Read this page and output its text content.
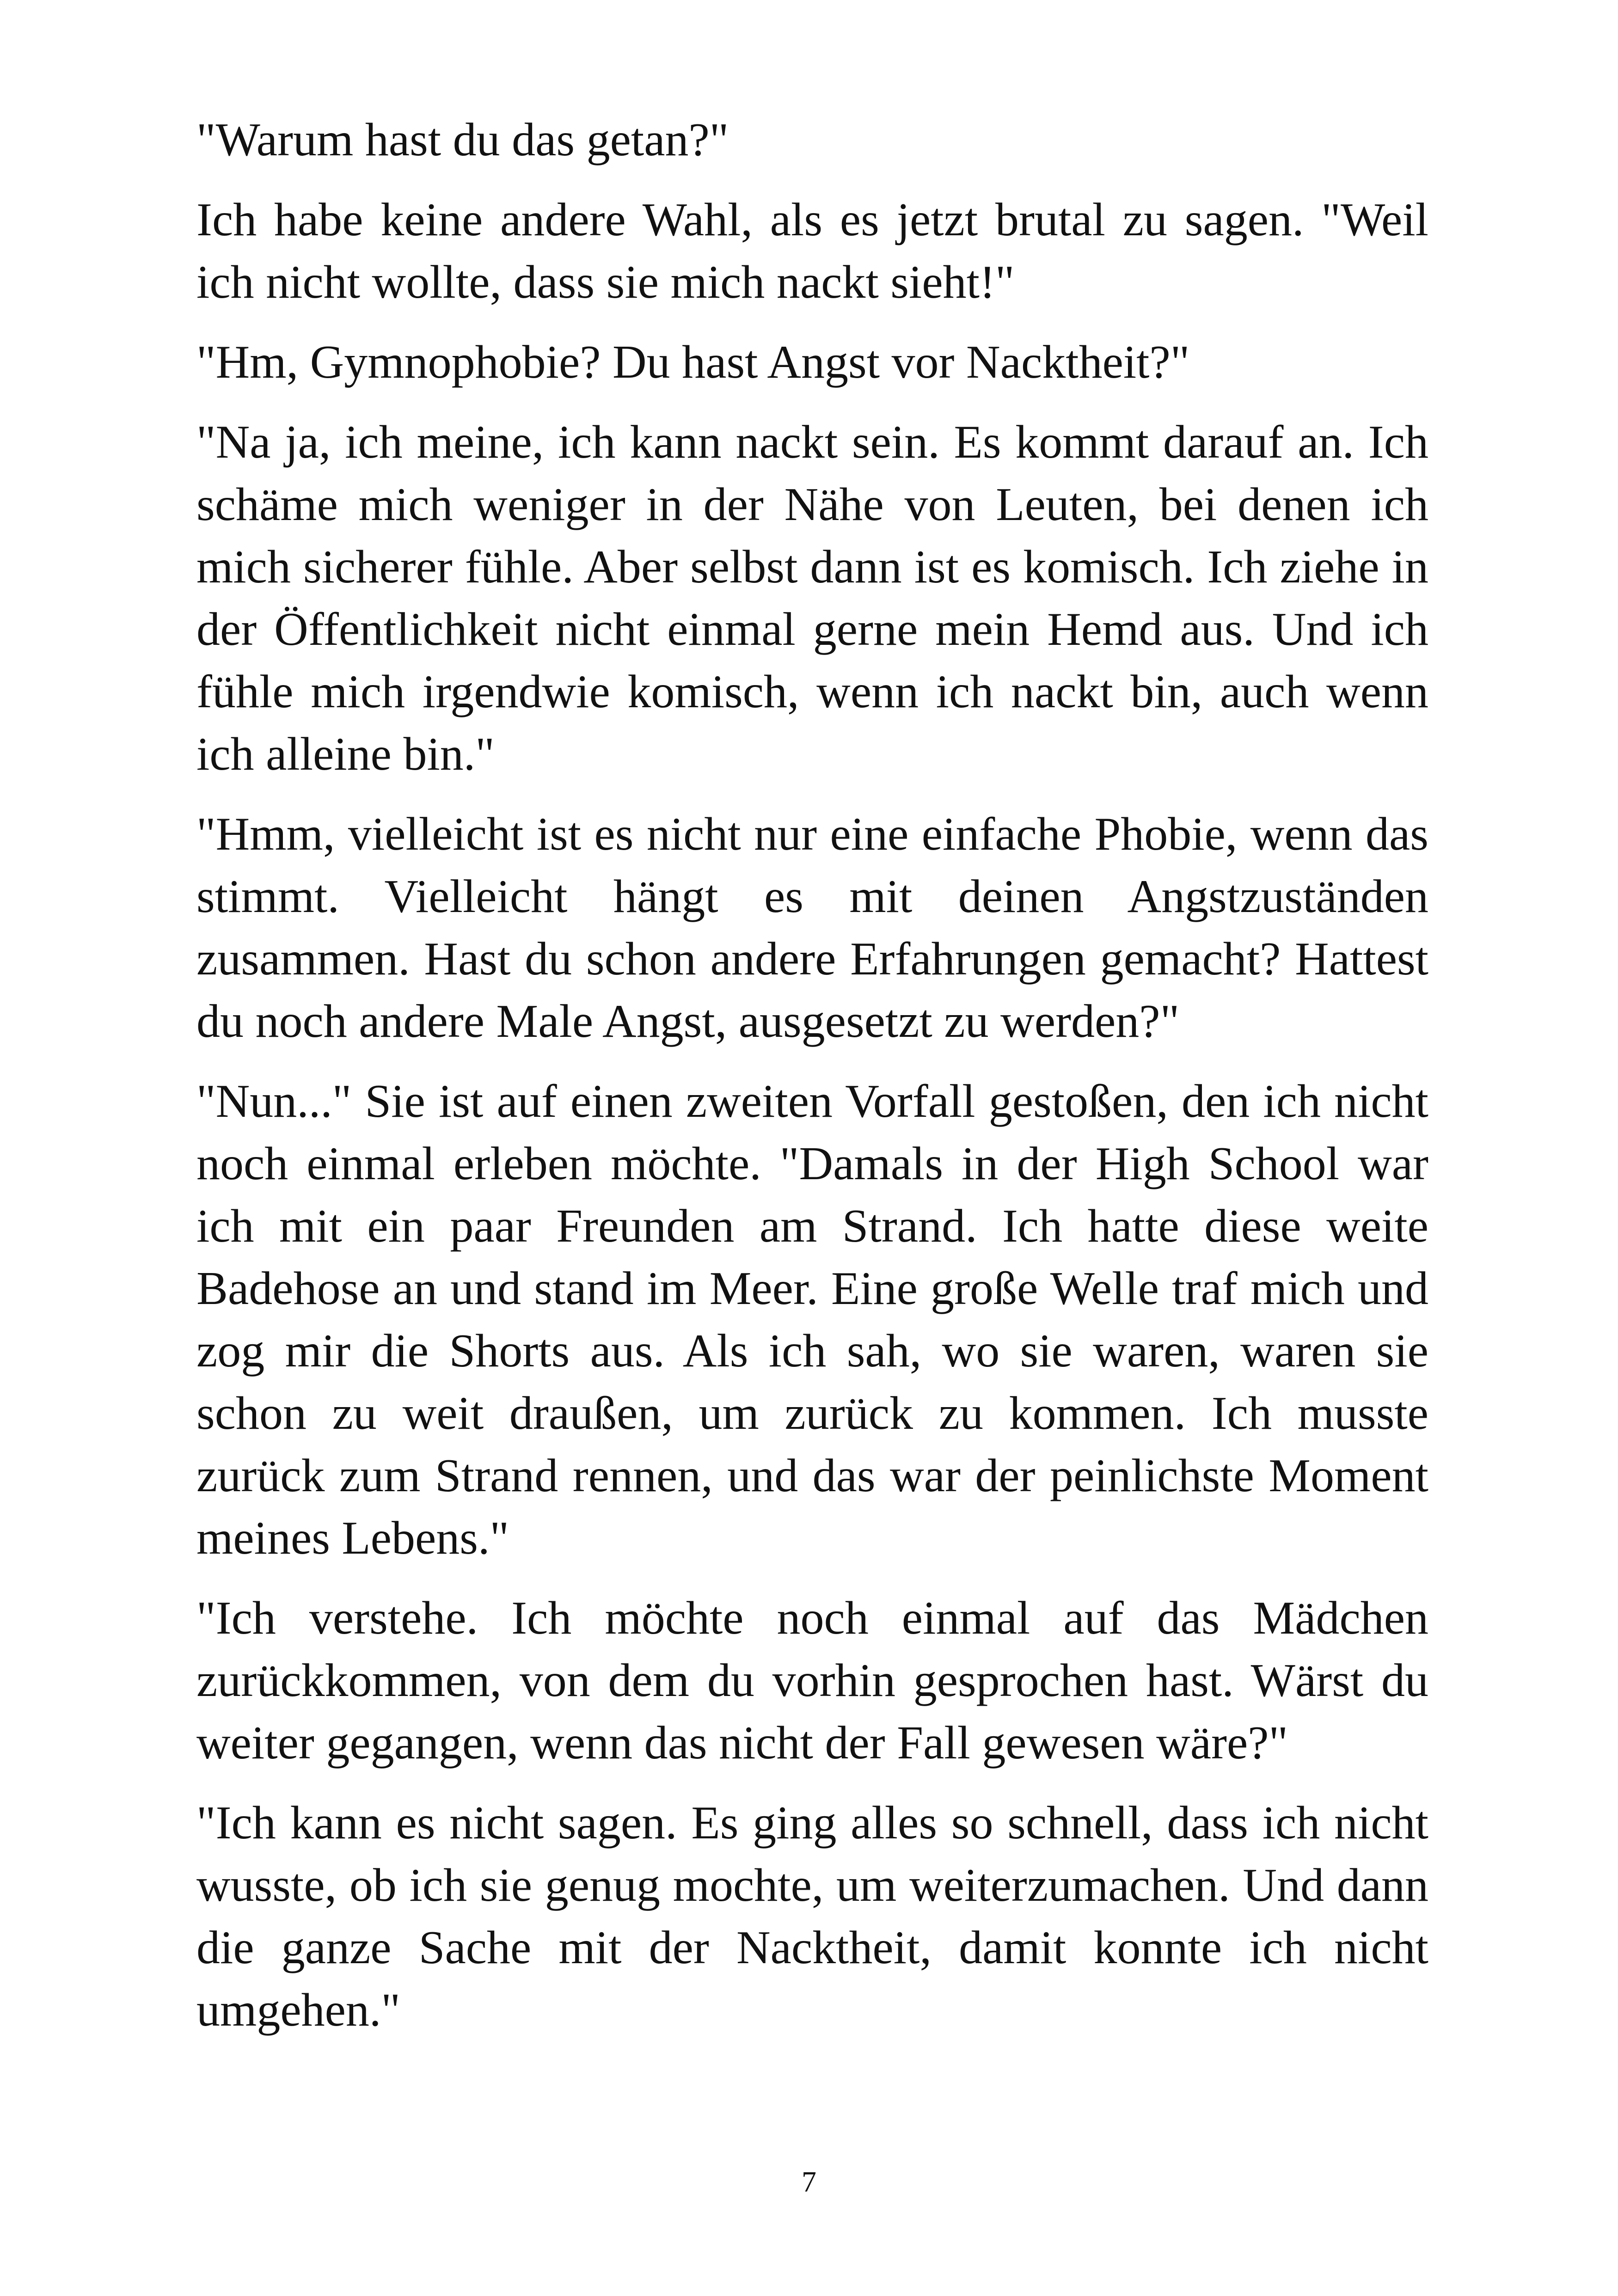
"Warum hast du das getan?"

Ich habe keine andere Wahl, als es jetzt brutal zu sagen. "Weil ich nicht wollte, dass sie mich nackt sieht!"

"Hm, Gymnophobie? Du hast Angst vor Nacktheit?"

"Na ja, ich meine, ich kann nackt sein. Es kommt darauf an. Ich schäme mich weniger in der Nähe von Leuten, bei denen ich mich sicherer fühle. Aber selbst dann ist es komisch. Ich ziehe in der Öffentlichkeit nicht einmal gerne mein Hemd aus. Und ich fühle mich irgendwie komisch, wenn ich nackt bin, auch wenn ich alleine bin."

"Hmm, vielleicht ist es nicht nur eine einfache Phobie, wenn das stimmt. Vielleicht hängt es mit deinen Angstzuständen zusammen. Hast du schon andere Erfahrungen gemacht? Hattest du noch andere Male Angst, ausgesetzt zu werden?"

"Nun..." Sie ist auf einen zweiten Vorfall gestoßen, den ich nicht noch einmal erleben möchte. "Damals in der High School war ich mit ein paar Freunden am Strand. Ich hatte diese weite Badehose an und stand im Meer. Eine große Welle traf mich und zog mir die Shorts aus. Als ich sah, wo sie waren, waren sie schon zu weit draußen, um zurück zu kommen. Ich musste zurück zum Strand rennen, und das war der peinlichste Moment meines Lebens."

"Ich verstehe. Ich möchte noch einmal auf das Mädchen zurückkommen, von dem du vorhin gesprochen hast. Wärst du weiter gegangen, wenn das nicht der Fall gewesen wäre?"

"Ich kann es nicht sagen. Es ging alles so schnell, dass ich nicht wusste, ob ich sie genug mochte, um weiterzumachen. Und dann die ganze Sache mit der Nacktheit, damit konnte ich nicht umgehen."

7
